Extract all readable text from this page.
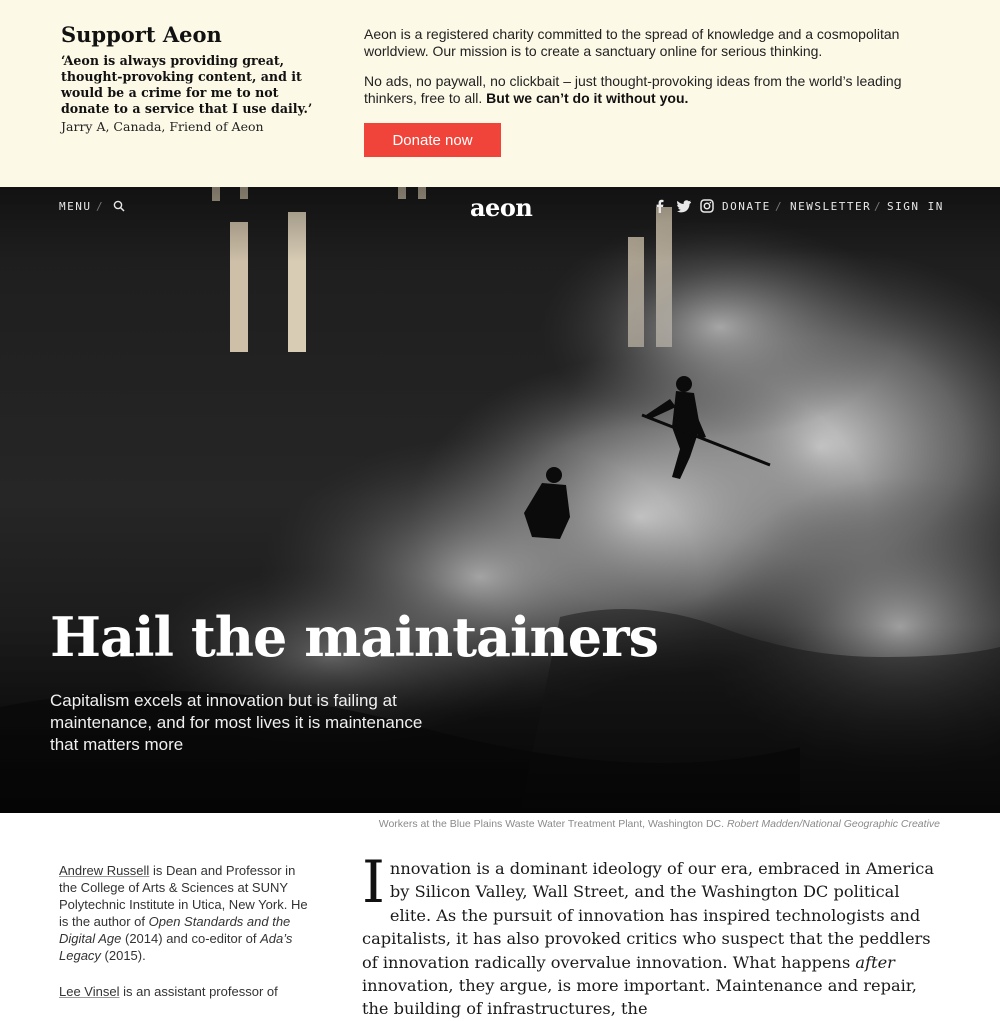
Support Aeon

‘Aeon is always providing great, thought-provoking content, and it would be a crime for me to not donate to a service that I use daily.’

Jarry A, Canada, Friend of Aeon

Aeon is a registered charity committed to the spread of knowledge and a cosmopolitan worldview. Our mission is to create a sanctuary online for serious thinking.

No ads, no paywall, no clickbait – just thought-provoking ideas from the world’s leading thinkers, free to all. But we can’t do it without you.

Donate now
MENU /	aeon	DONATE / NEWSLETTER / SIGN IN
Hail the maintainers

Capitalism excels at innovation but is failing at maintenance, and for most lives it is maintenance that matters more

Workers at the Blue Plains Waste Water Treatment Plant, Washington DC. Robert Madden/National Geographic Creative

Andrew Russell is Dean and Professor in the College of Arts & Sciences at SUNY Polytechnic Institute in Utica, New York. He is the author of Open Standards and the Digital Age (2014) and co-editor of Ada’s Legacy (2015).

Lee Vinsel is an assistant professor of

Innovation is a dominant ideology of our era, embraced in America by Silicon Valley, Wall Street, and the Washington DC political elite. As the pursuit of innovation has inspired technologists and capitalists, it has also provoked critics who suspect that the peddlers of innovation radically overvalue innovation. What happens after innovation, they argue, is more important. Maintenance and repair, the building of infrastructures, the
